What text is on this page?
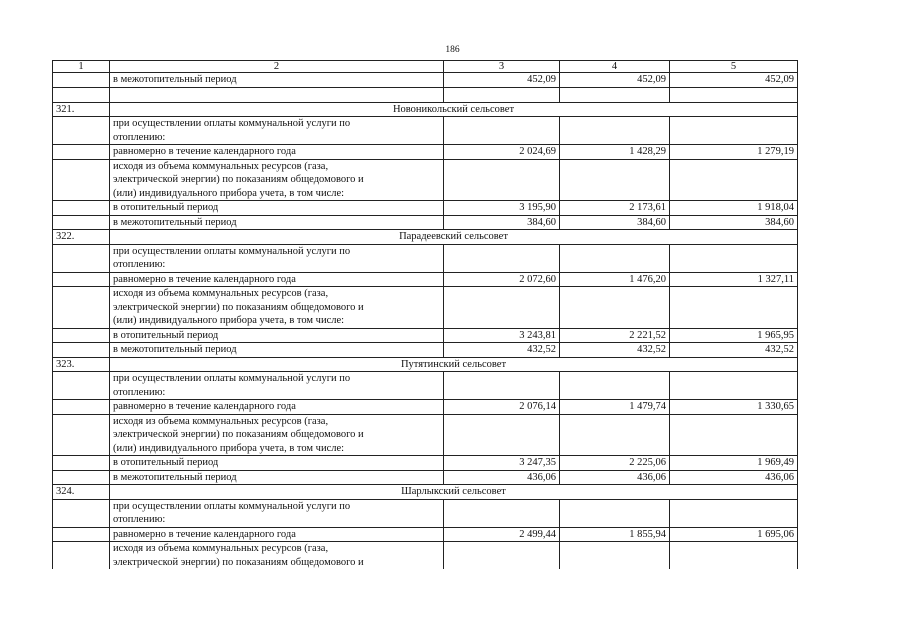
186
1	2	3	4	5
	в межотопительный период	452,09	452,09	452,09

321.	Новоникольский сельсовет			

	при осуществлении оплаты коммунальной услуги по
отоплению:			

	равномерно в течение календарного года	2 024,69	1 428,29	1 279,19

	исходя из объема коммунальных ресурсов (газа,
электрической энергии) по показаниям общедомового и
(или) индивидуального прибора учета, в том числе:			

	в отопительный период	3 195,90	2 173,61	1 918,04
	в межотопительный период	384,60	384,60	384,60
322.	Парадеевский сельсовет			

	при осуществлении оплаты коммунальной услуги по
отоплению:			

	равномерно в течение календарного года	2 072,60	1 476,20	1 327,11

	исходя из объема коммунальных ресурсов (газа,
электрической энергии) по показаниям общедомового и
(или) индивидуального прибора учета, в том числе:			

	в отопительный период	3 243,81	2 221,52	1 965,95
	в межотопительный период	432,52	432,52	432,52
323.	Путятинский сельсовет			

	при осуществлении оплаты коммунальной услуги по
отоплению:			

	равномерно в течение календарного года	2 076,14	1 479,74	1 330,65

	исходя из объема коммунальных ресурсов (газа,
электрической энергии) по показаниям общедомового и
(или) индивидуального прибора учета, в том числе:			

	в отопительный период	3 247,35	2 225,06	1 969,49
	в межотопительный период	436,06	436,06	436,06
324.	Шарлыкский сельсовет			

	при осуществлении оплаты коммунальной услуги по
отоплению:			

	равномерно в течение календарного года	2 499,44	1 855,94	1 695,06

	исходя из объема коммунальных ресурсов (газа,
электрической энергии) по показаниям общедомового и			
